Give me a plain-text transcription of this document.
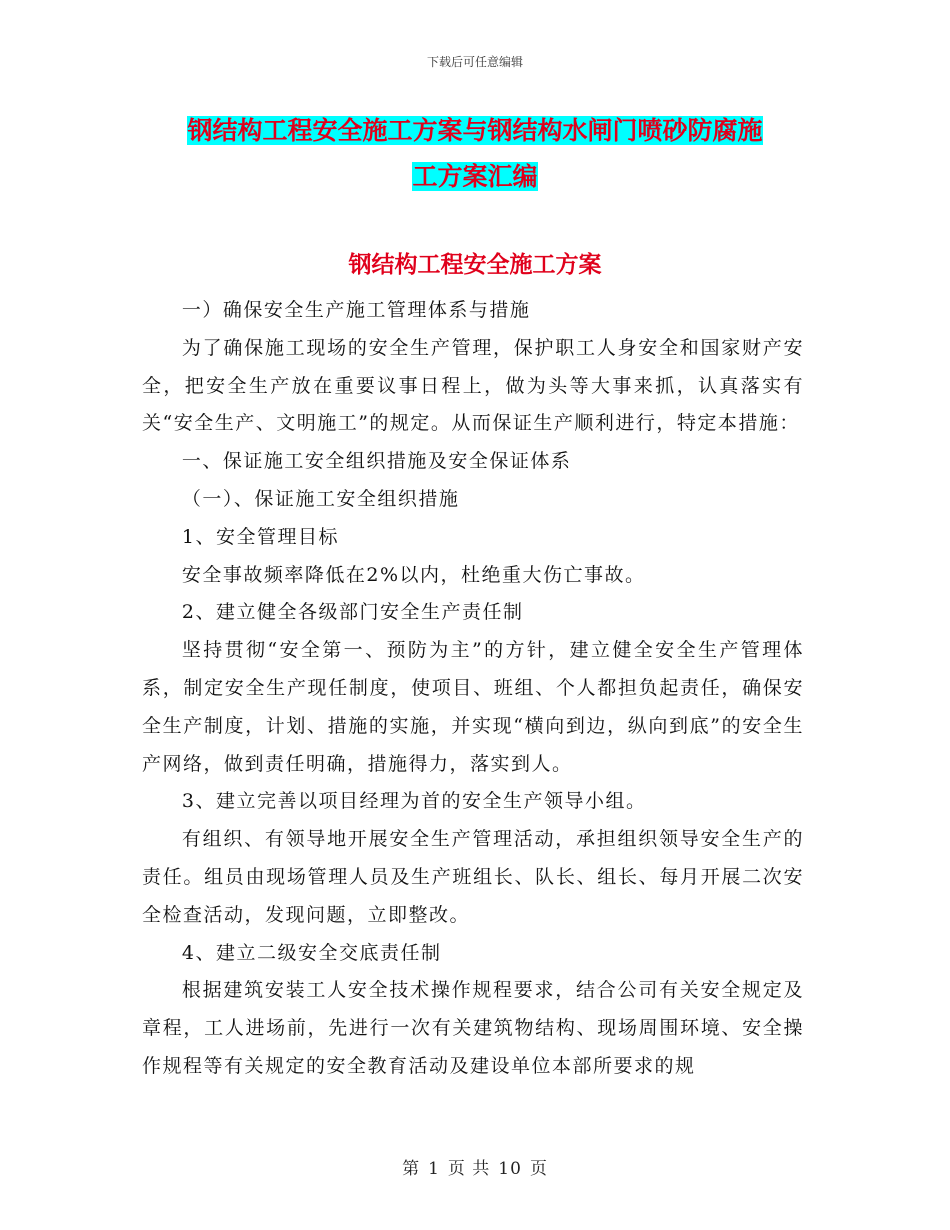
下载后可任意编辑
钢结构工程安全施工方案与钢结构水闸门喷砂防腐施
工方案汇编
钢结构工程安全施工方案

一）确保安全生产施工管理体系与措施

为了确保施工现场的安全生产管理，保护职工人身安全和国家财产安全，把安全生产放在重要议事日程上，做为头等大事来抓，认真落实有关“安全生产、文明施工”的规定。从而保证生产顺利进行，特定本措施：

一、保证施工安全组织措施及安全保证体系

（一）、保证施工安全组织措施

1、安全管理目标

安全事故频率降低在2%以内，杜绝重大伤亡事故。

2、建立健全各级部门安全生产责任制

坚持贯彻“安全第一、预防为主”的方针，建立健全安全生产管理体系，制定安全生产现任制度，使项目、班组、个人都担负起责任，确保安全生产制度，计划、措施的实施，并实现“横向到边，纵向到底”的安全生产网络，做到责任明确，措施得力，落实到人。

3、建立完善以项目经理为首的安全生产领导小组。

有组织、有领导地开展安全生产管理活动，承担组织领导安全生产的责任。组员由现场管理人员及生产班组长、队长、组长、每月开展二次安全检查活动，发现问题，立即整改。

4、建立二级安全交底责任制

根据建筑安装工人安全技术操作规程要求，结合公司有关安全规定及章程，工人进场前，先进行一次有关建筑物结构、现场周围环境、安全操作规程等有关规定的安全教育活动及建设单位本部所要求的规

第 1 页 共 10 页
